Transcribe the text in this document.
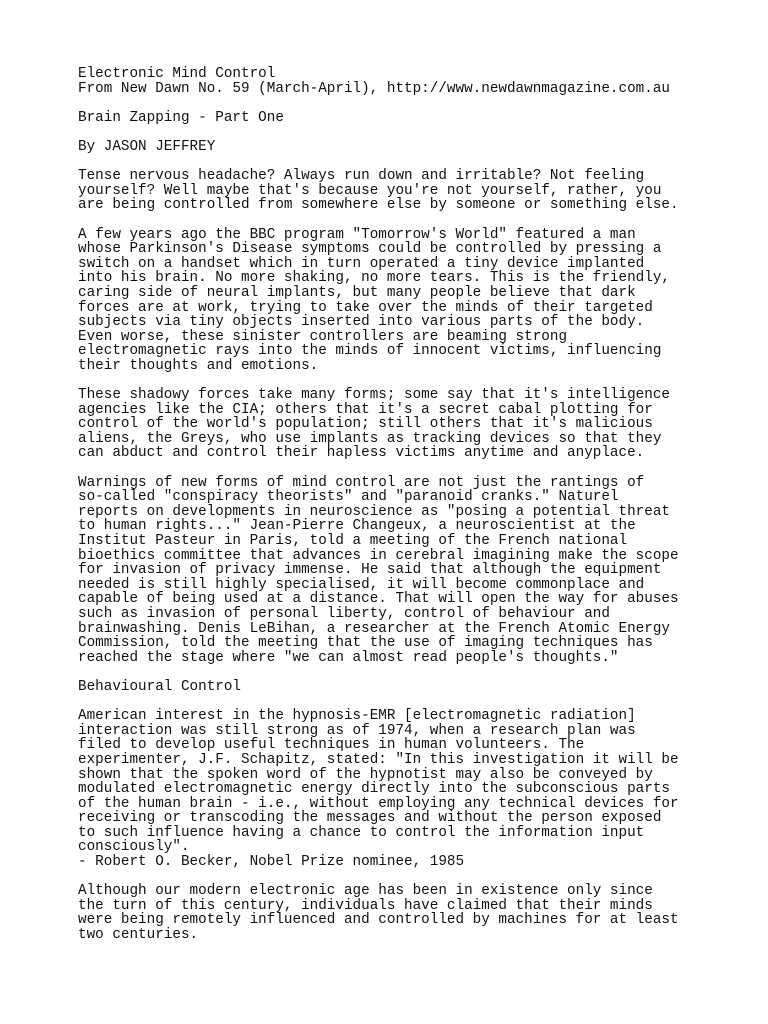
Electronic Mind Control
From New Dawn No. 59 (March-April), http://www.newdawnmagazine.com.au
Brain Zapping - Part One
By JASON JEFFREY
Tense nervous headache? Always run down and irritable? Not feeling
yourself? Well maybe that's because you're not yourself, rather, you
are being controlled from somewhere else by someone or something else.
A few years ago the BBC program "Tomorrow's World" featured a man
whose Parkinson's Disease symptoms could be controlled by pressing a
switch on a handset which in turn operated a tiny device implanted
into his brain. No more shaking, no more tears. This is the friendly,
caring side of neural implants, but many people believe that dark
forces are at work, trying to take over the minds of their targeted
subjects via tiny objects inserted into various parts of the body.
Even worse, these sinister controllers are beaming strong
electromagnetic rays into the minds of innocent victims, influencing
their thoughts and emotions.
These shadowy forces take many forms; some say that it's intelligence
agencies like the CIA; others that it's a secret cabal plotting for
control of the world's population; still others that it's malicious
aliens, the Greys, who use implants as tracking devices so that they
can abduct and control their hapless victims anytime and anyplace.
Warnings of new forms of mind control are not just the rantings of
so-called "conspiracy theorists" and "paranoid cranks." Naturel
reports on developments in neuroscience as "posing a potential threat
to human rights..." Jean-Pierre Changeux, a neuroscientist at the
Institut Pasteur in Paris, told a meeting of the French national
bioethics committee that advances in cerebral imagining make the scope
for invasion of privacy immense. He said that although the equipment
needed is still highly specialised, it will become commonplace and
capable of being used at a distance. That will open the way for abuses
such as invasion of personal liberty, control of behaviour and
brainwashing. Denis LeBihan, a researcher at the French Atomic Energy
Commission, told the meeting that the use of imaging techniques has
reached the stage where "we can almost read people's thoughts."
Behavioural Control
American interest in the hypnosis-EMR [electromagnetic radiation]
interaction was still strong as of 1974, when a research plan was
filed to develop useful techniques in human volunteers. The
experimenter, J.F. Schapitz, stated: "In this investigation it will be
shown that the spoken word of the hypnotist may also be conveyed by
modulated electromagnetic energy directly into the subconscious parts
of the human brain - i.e., without employing any technical devices for
receiving or transcoding the messages and without the person exposed
to such influence having a chance to control the information input
consciously".
- Robert O. Becker, Nobel Prize nominee, 1985
Although our modern electronic age has been in existence only since
the turn of this century, individuals have claimed that their minds
were being remotely influenced and controlled by machines for at least
two centuries.
